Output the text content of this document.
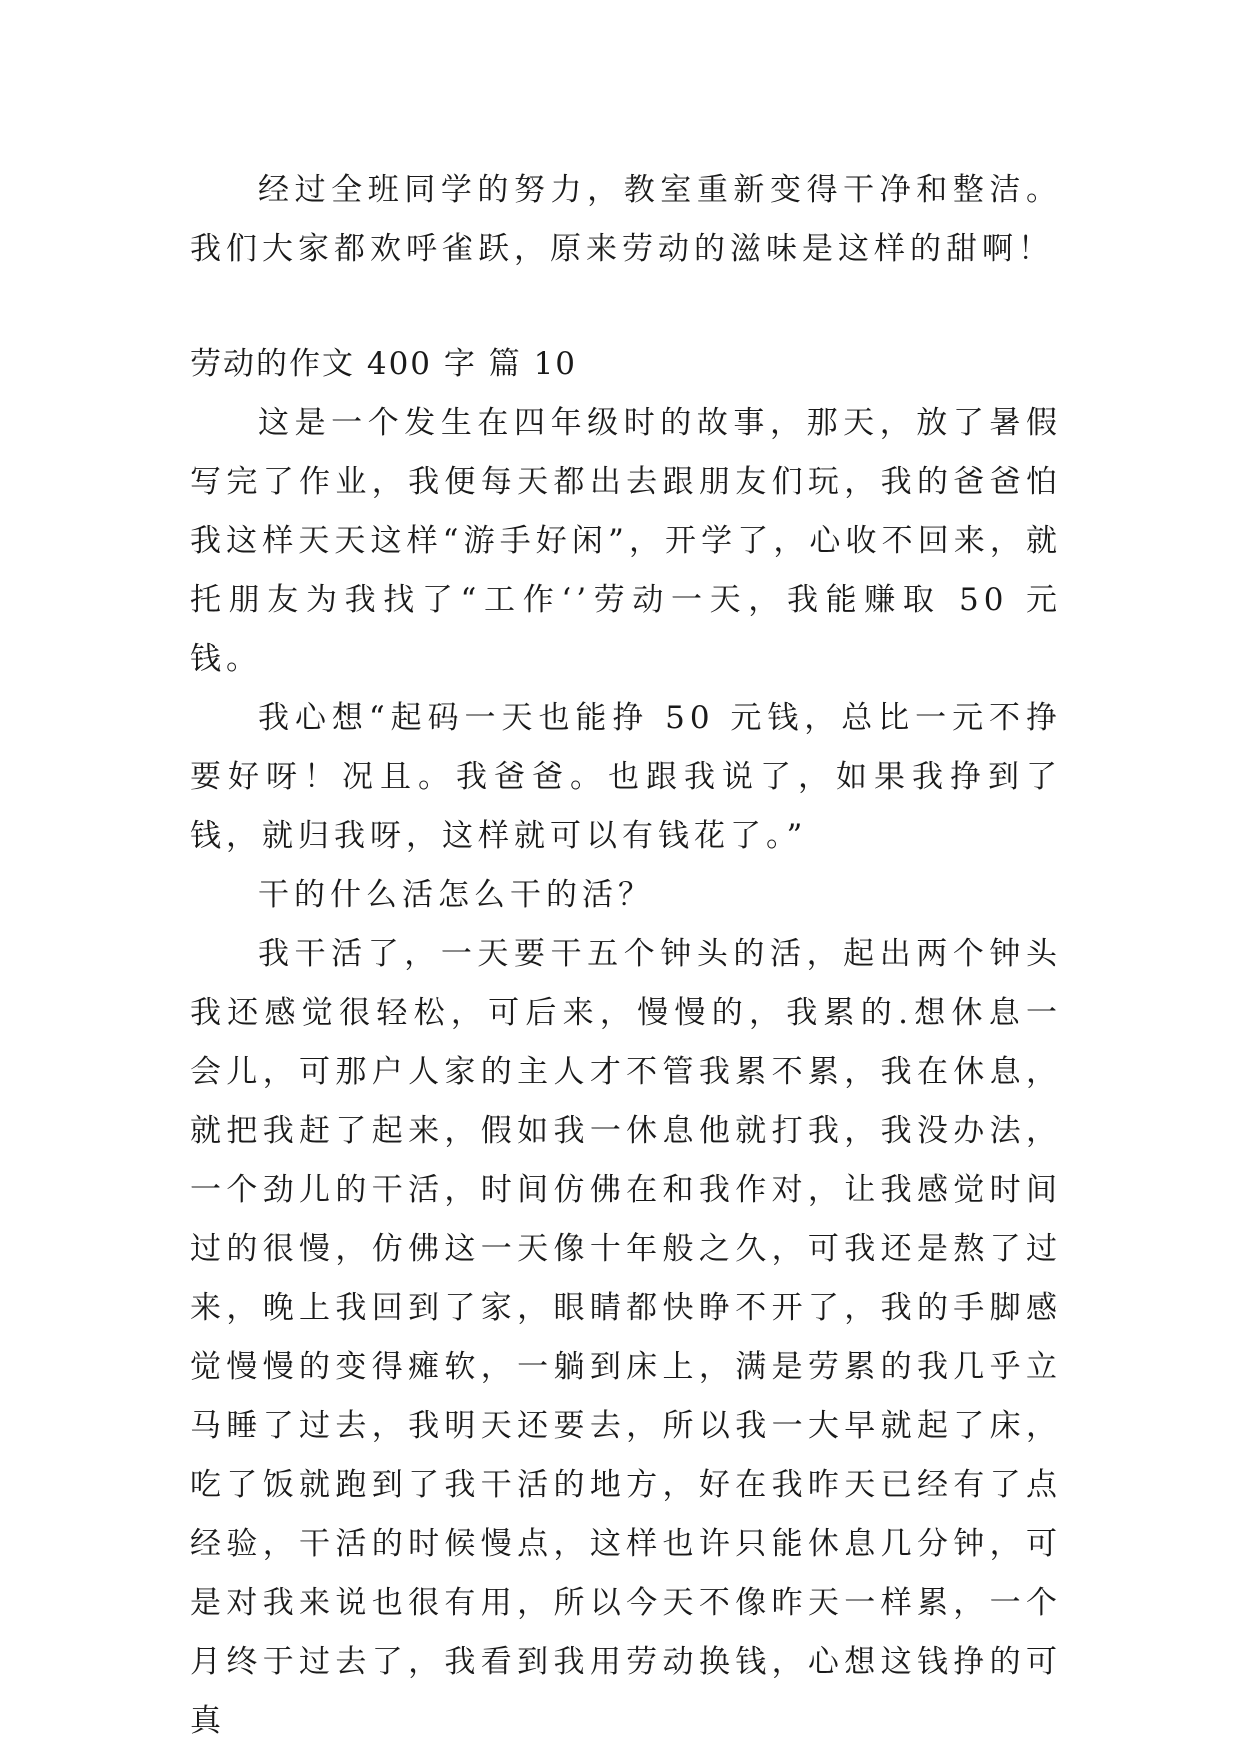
经过全班同学的努力，教室重新变得干净和整洁。我们大家都欢呼雀跃，原来劳动的滋味是这样的甜啊！

劳动的作文 400 字 篇 10

这是一个发生在四年级时的故事，那天，放了暑假写完了作业，我便每天都出去跟朋友们玩，我的爸爸怕我这样天天这样“游手好闲”，开学了，心收不回来，就托朋友为我找了“工作‘’劳动一天，我能赚取 50 元钱。

我心想“起码一天也能挣 50 元钱，总比一元不挣要好呀！况且。我爸爸。也跟我说了，如果我挣到了钱，就归我呀，这样就可以有钱花了。”

干的什么活怎么干的活？

我干活了，一天要干五个钟头的活，起出两个钟头我还感觉很轻松，可后来，慢慢的，我累的.想休息一会儿，可那户人家的主人才不管我累不累，我在休息，就把我赶了起来，假如我一休息他就打我，我没办法，一个劲儿的干活，时间仿佛在和我作对，让我感觉时间过的很慢，仿佛这一天像十年般之久，可我还是熬了过来，晚上我回到了家，眼睛都快睁不开了，我的手脚感觉慢慢的变得瘫软，一躺到床上，满是劳累的我几乎立马睡了过去，我明天还要去，所以我一大早就起了床，吃了饭就跑到了我干活的地方，好在我昨天已经有了点经验，干活的时候慢点，这样也许只能休息几分钟，可是对我来说也很有用，所以今天不像昨天一样累，一个月终于过去了，我看到我用劳动换钱，心想这钱挣的可真
